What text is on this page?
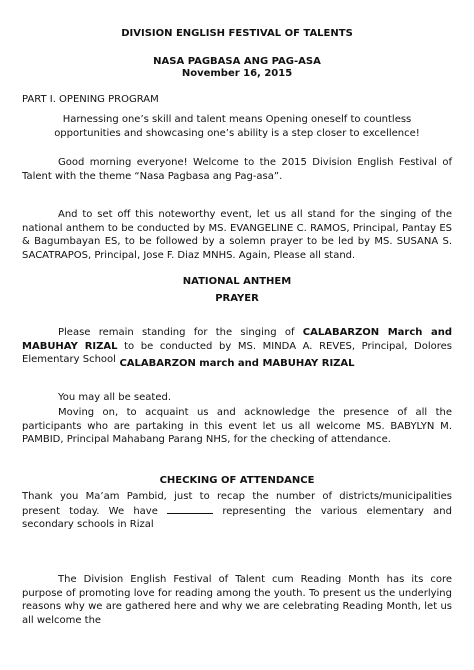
DIVISION ENGLISH FESTIVAL OF TALENTS
NASA PAGBASA ANG PAG-ASA
November 16, 2015
PART I. OPENING PROGRAM

Harnessing one’s skill and talent means Opening oneself to countless opportunities and showcasing one’s ability is a step closer to excellence!

Good morning everyone! Welcome to the 2015 Division English Festival of Talent with the theme “Nasa Pagbasa ang Pag-asa”.

And to set off this noteworthy event, let us all stand for the singing of the national anthem to be conducted by MS. EVANGELINE C. RAMOS, Principal, Pantay ES & Bagumbayan ES, to be followed by a solemn prayer to be led by MS. SUSANA S. SACATRAPOS, Principal, Jose F. Diaz MNHS. Again, Please all stand.

NATIONAL ANTHEM
PRAYER

Please remain standing for the singing of CALABARZON March and MABUHAY RIZAL to be conducted by MS. MINDA A. REVES, Principal, Dolores Elementary School CALABARZON march and MABUHAY RIZAL

You may all be seated.

Moving on, to acquaint us and acknowledge the presence of all the participants who are partaking in this event let us all welcome MS. BABYLYN M. PAMBID, Principal Mahabang Parang NHS, for the checking of attendance.

CHECKING OF ATTENDANCE

Thank you Ma’am Pambid, just to recap the number of districts/municipalities present today. We have	representing the various elementary and secondary schools in Rizal

The Division English Festival of Talent cum Reading Month has its core purpose of promoting love for reading among the youth. To present us the underlying reasons why we are gathered here and why we are celebrating Reading Month, let us all welcome the
